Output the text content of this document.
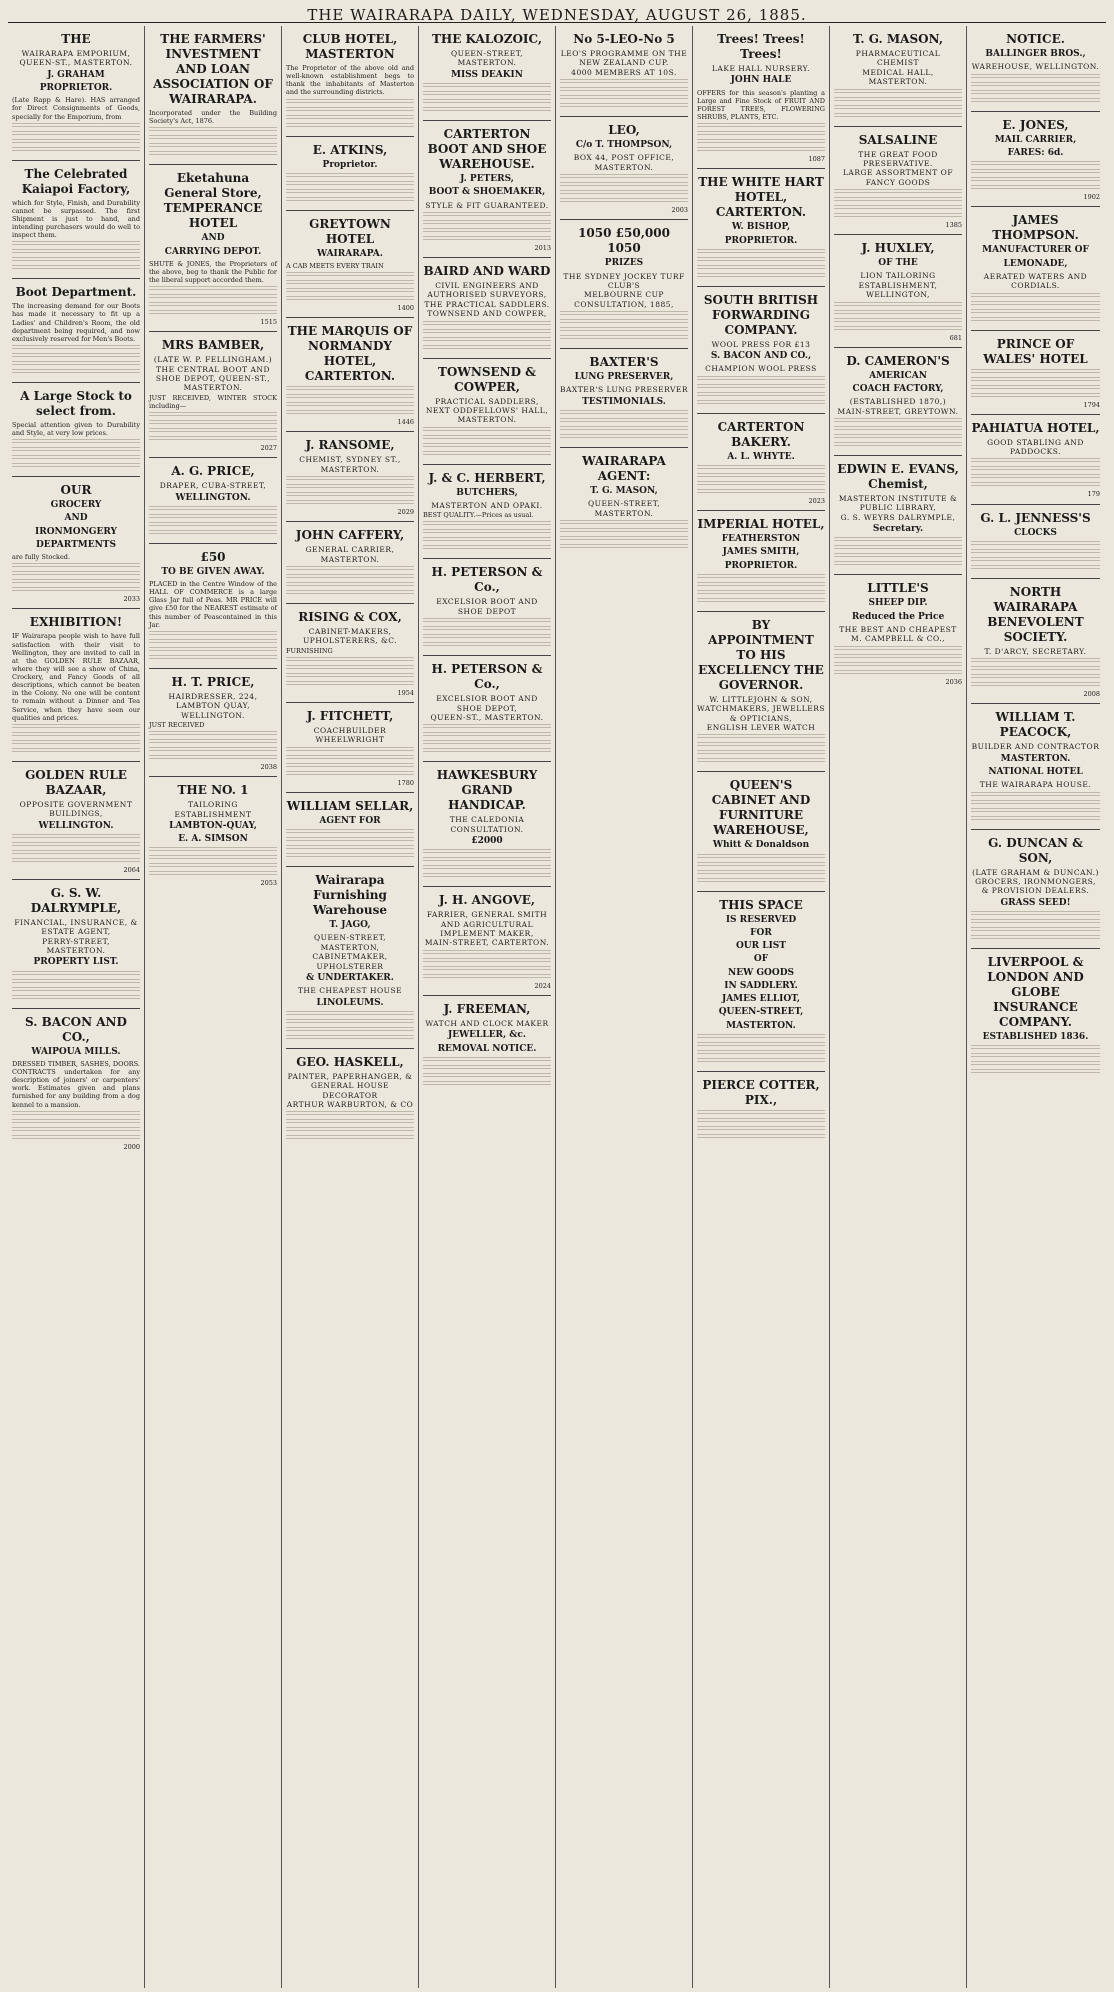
THE WAIRARAPA DAILY, WEDNESDAY, AUGUST 26, 1885.
THE
WAIRARAPA EMPORIUM,
QUEEN-ST., MASTERTON.
J. GRAHAM
PROPRIETOR.
(Late Rapp & Hare). HAS arranged for Direct Consignments of Goods, specially for the Emporium, from
The Celebrated Kaiapoi Factory,
which for Style, Finish, and Durability cannot be surpassed. The first Shipment is just to hand, and intending purchasers would do well to inspect them.
Boot Department.
The increasing demand for our Boots has made it necessary to fit up a Ladies' and Children's Room, the old department being required, and now exclusively reserved for Men's Boots.
A Large Stock to select from.
Special attention given to Durability and Style, at very low prices.
OUR
GROCERY
AND
IRONMONGERY
DEPARTMENTS
are fully Stocked.
2033
EXHIBITION!
IF Wairarapa people wish to have full satisfaction with their visit to Wellington, they are invited to call in at the GOLDEN RULE BAZAAR, where they will see a show of China, Crockery, and Fancy Goods of all descriptions, which cannot be beaten in the Colony. No one will be content to remain without a Dinner and Tea Service, when they have seen our qualities and prices.
GOLDEN RULE BAZAAR,
OPPOSITE GOVERNMENT BUILDINGS,
WELLINGTON.
2064
G. S. W. DALRYMPLE,
FINANCIAL, INSURANCE, & ESTATE AGENT,
PERRY-STREET, MASTERTON.
PROPERTY LIST.
S. BACON AND CO.,
WAIPOUA MILLS.
DRESSED TIMBER, SASHES, DOORS. CONTRACTS undertaken for any description of joiners' or carpenters' work. Estimates given and plans furnished for any building from a dog kennel to a mansion.
2000
THE FARMERS' INVESTMENT AND LOAN ASSOCIATION OF WAIRARAPA.
Incorporated under the Building Society's Act, 1876.
Eketahuna General Store, TEMPERANCE HOTEL
AND
CARRYING DEPOT.
SHUTE & JONES, the Proprietors of the above, beg to thank the Public for the liberal support accorded them.
1515
MRS BAMBER,
(LATE W. P. FELLINGHAM.)
THE CENTRAL BOOT AND SHOE DEPOT, QUEEN-ST., MASTERTON.
JUST RECEIVED, WINTER STOCK including—
2027
A. G. PRICE,
DRAPER, CUBA-STREET,
WELLINGTON.
£50
TO BE GIVEN AWAY.
PLACED in the Centre Window of the HALL OF COMMERCE is a large Glass Jar full of Peas. MR PRICE will give £50 for the NEAREST estimate of this number of Peascontained in this Jar.
H. T. PRICE,
HAIRDRESSER, 224, LAMBTON QUAY, WELLINGTON.
JUST RECEIVED
2038
THE NO. 1
TAILORING ESTABLISHMENT
LAMBTON-QUAY,
E. A. SIMSON
2053
CLUB HOTEL, MASTERTON
The Proprietor of the above old and well-known establishment begs to thank the inhabitants of Masterton and the surrounding districts.
E. ATKINS,
Proprietor.
GREYTOWN HOTEL
WAIRARAPA.
A CAB MEETS EVERY TRAIN
1400
THE MARQUIS OF NORMANDY HOTEL, CARTERTON.
1446
J. RANSOME,
CHEMIST, SYDNEY ST., MASTERTON.
2029
JOHN CAFFERY,
GENERAL CARRIER, MASTERTON.
RISING & COX,
CABINET-MAKERS, UPHOLSTERERS, &C.
FURNISHING
1954
J. FITCHETT,
COACHBUILDER WHEELWRIGHT
1780
WILLIAM SELLAR,
AGENT FOR
Wairarapa Furnishing Warehouse
T. JAGO,
QUEEN-STREET, MASTERTON,
CABINETMAKER, UPHOLSTERER
& UNDERTAKER.
THE CHEAPEST HOUSE
LINOLEUMS.
GEO. HASKELL,
PAINTER, PAPERHANGER, & GENERAL HOUSE DECORATOR
ARTHUR WARBURTON, & CO
THE KALOZOIC,
QUEEN-STREET, MASTERTON.
MISS DEAKIN
CARTERTON BOOT AND SHOE WAREHOUSE.
J. PETERS,
BOOT & SHOEMAKER,
STYLE & FIT GUARANTEED.
2013
BAIRD AND WARD
CIVIL ENGINEERS AND AUTHORISED SURVEYORS,
THE PRACTICAL SADDLERS.
TOWNSEND AND COWPER,
TOWNSEND & COWPER,
PRACTICAL SADDLERS,
NEXT ODDFELLOWS' HALL, MASTERTON.
J. & C. HERBERT,
BUTCHERS,
MASTERTON AND OPAKI.
BEST QUALITY.—Prices as usual.
H. PETERSON & Co.,
EXCELSIOR BOOT AND SHOE DEPOT
H. PETERSON & Co.,
EXCELSIOR BOOT AND SHOE DEPOT,
QUEEN-ST., MASTERTON.
HAWKESBURY GRAND HANDICAP.
THE CALEDONIA CONSULTATION.
£2000
J. H. ANGOVE,
FARRIER, GENERAL SMITH
AND AGRICULTURAL IMPLEMENT MAKER,
MAIN-STREET, CARTERTON.
2024
J. FREEMAN,
WATCH AND CLOCK MAKER
JEWELLER, &c.
REMOVAL NOTICE.
No 5-LEO-No 5
LEO'S PROGRAMME ON THE NEW ZEALAND CUP.
4000 MEMBERS AT 10S.
LEO,
C/o T. THOMPSON,
BOX 44, POST OFFICE, MASTERTON.
2003
1050 £50,000 1050
PRIZES
THE SYDNEY JOCKEY TURF CLUB'S
MELBOURNE CUP CONSULTATION, 1885,
BAXTER'S
LUNG PRESERVER,
BAXTER'S LUNG PRESERVER
TESTIMONIALS.
WAIRARAPA AGENT:
T. G. MASON,
QUEEN-STREET, MASTERTON.
Trees! Trees! Trees!
LAKE HALL NURSERY.
JOHN HALE
OFFERS for this season's planting a Large and Fine Stock of FRUIT AND FOREST TREES, FLOWERING SHRUBS, PLANTS, ETC.
1087
THE WHITE HART HOTEL, CARTERTON.
W. BISHOP,
PROPRIETOR.
SOUTH BRITISH FORWARDING COMPANY.
WOOL PRESS FOR £13
S. BACON AND CO.,
CHAMPION WOOL PRESS
CARTERTON BAKERY.
A. L. WHYTE.
2023
IMPERIAL HOTEL,
FEATHERSTON
JAMES SMITH,
PROPRIETOR.
BY APPOINTMENT TO HIS EXCELLENCY THE GOVERNOR.
W. LITTLEJOHN & SON,
WATCHMAKERS, JEWELLERS & OPTICIANS,
ENGLISH LEVER WATCH
QUEEN'S CABINET AND FURNITURE WAREHOUSE,
Whitt & Donaldson
THIS SPACE
IS RESERVED
FOR
OUR LIST
OF
NEW GOODS
IN SADDLERY.
JAMES ELLIOT,
QUEEN-STREET,
MASTERTON.
PIERCE COTTER, PIX.,
T. G. MASON,
PHARMACEUTICAL CHEMIST
MEDICAL HALL, MASTERTON.
SALSALINE
THE GREAT FOOD PRESERVATIVE.
LARGE ASSORTMENT OF FANCY GOODS
1385
J. HUXLEY,
OF THE
LION TAILORING ESTABLISHMENT, WELLINGTON,
681
D. CAMERON'S
AMERICAN
COACH FACTORY,
(ESTABLISHED 1870,)
MAIN-STREET, GREYTOWN.
EDWIN E. EVANS, Chemist,
MASTERTON INSTITUTE & PUBLIC LIBRARY,
G. S. WEYRS DALRYMPLE,
Secretary.
LITTLE'S
SHEEP DIP.
Reduced the Price
THE BEST AND CHEAPEST
M. CAMPBELL & CO.,
2036
NOTICE.
BALLINGER BROS.,
WAREHOUSE, WELLINGTON.
E. JONES,
MAIL CARRIER,
FARES: 6d.
1902
JAMES THOMPSON.
MANUFACTURER OF
LEMONADE,
AERATED WATERS AND CORDIALS.
PRINCE OF WALES' HOTEL
1794
PAHIATUA HOTEL,
GOOD STABLING AND PADDOCKS.
179
G. L. JENNESS'S
CLOCKS
NORTH WAIRARAPA BENEVOLENT SOCIETY.
T. D'ARCY, SECRETARY.
2008
WILLIAM T. PEACOCK,
BUILDER AND CONTRACTOR
MASTERTON.
NATIONAL HOTEL
THE WAIRARAPA HOUSE.
G. DUNCAN & SON,
(LATE GRAHAM & DUNCAN.)
GROCERS, IRONMONGERS, & PROVISION DEALERS.
GRASS SEED!
LIVERPOOL & LONDON AND GLOBE INSURANCE COMPANY.
ESTABLISHED 1836.
